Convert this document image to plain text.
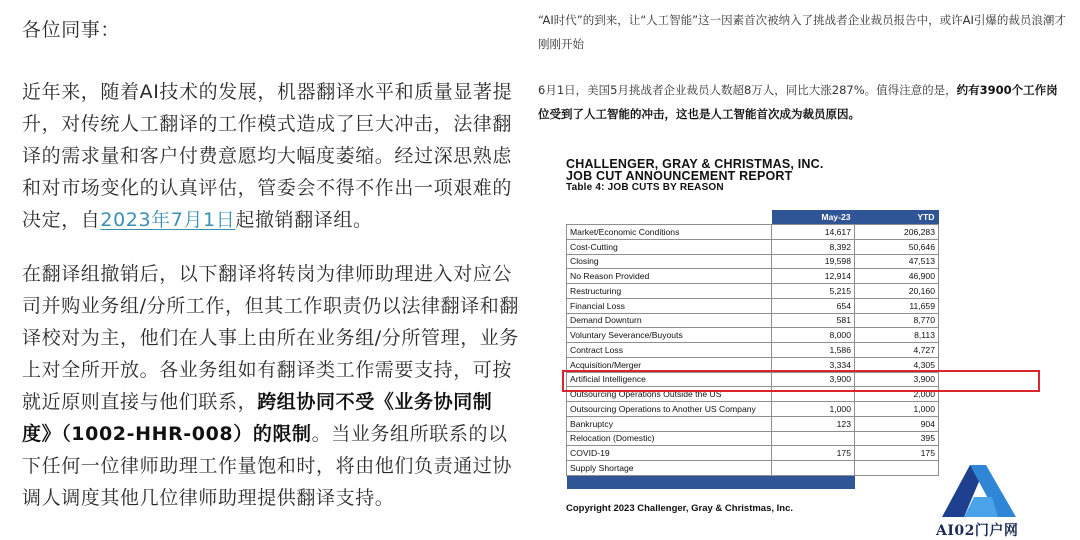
各位同事：

近年来，随着AI技术的发展，机器翻译水平和质量显著提升，对传统人工翻译的工作模式造成了巨大冲击，法律翻译的需求量和客户付费意愿均大幅度萎缩。经过深思熟虑和对市场变化的认真评估，管委会不得不作出一项艰难的决定，自2023年7月1日起撤销翻译组。

在翻译组撤销后，以下翻译将转岗为律师助理进入对应公司并购业务组/分所工作，但其工作职责仍以法律翻译和翻译校对为主，他们在人事上由所在业务组/分所管理，业务上对全所开放。各业务组如有翻译类工作需要支持，可按就近原则直接与他们联系，跨组协同不受《业务协同制度》（1002-HHR-008）的限制。当业务组所联系的以下任何一位律师助理工作量饱和时，将由他们负责通过协调人调度其他几位律师助理提供翻译支持。

“AI时代”的到来，让“人工智能”这一因素首次被纳入了挑战者企业裁员报告中，或许AI引爆的裁员浪潮才刚刚开始

6月1日，美国5月挑战者企业裁员人数超8万人，同比大涨287%。值得注意的是，约有3900个工作岗位受到了人工智能的冲击，这也是人工智能首次成为裁员原因。

CHALLENGER, GRAY & CHRISTMAS, INC.
JOB CUT ANNOUNCEMENT REPORT
Table 4: JOB CUTS BY REASON
	May-23	YTD
Market/Economic Conditions	14,617	206,283
Cost-Cutting	8,392	50,646
Closing	19,598	47,513
No Reason Provided	12,914	46,900
Restructuring	5,215	20,160
Financial Loss	654	11,659
Demand Downturn	581	8,770
Voluntary Severance/Buyouts	8,000	8,113
Contract Loss	1,586	4,727
Acquisition/Merger	3,334	4,305
Artificial Intelligence	3,900	3,900
Outsourcing Operations Outside the US		2,000
Outsourcing Operations to Another US Company	1,000	1,000
Bankruptcy	123	904
Relocation (Domestic)		395
COVID-19	175	175
Supply Shortage		

Copyright 2023 Challenger, Gray & Christmas, Inc.
AI02门户网
